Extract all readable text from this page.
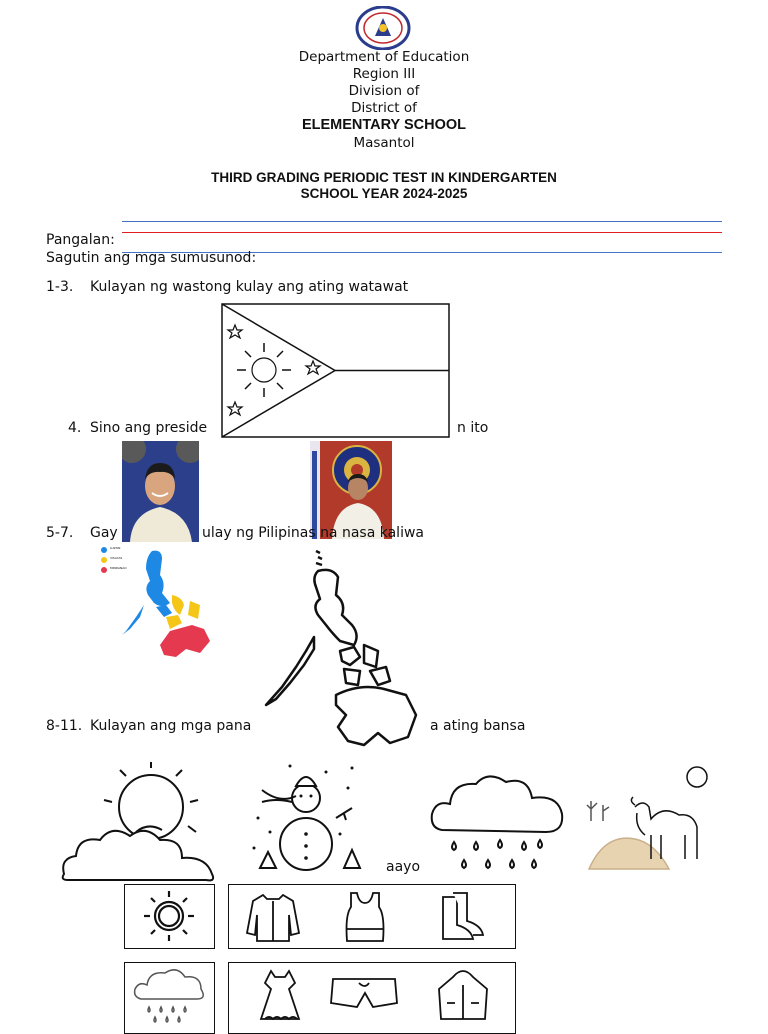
Department of Education
Region III
Division of
District of
ELEMENTARY SCHOOL
Masantol
THIRD GRADING PERIODIC TEST IN KINDERGARTEN
SCHOOL YEAR 2024-2025
Pangalan:
Sagutin ang mga sumusunod:
1-3. Kulayan ng wastong kulay ang ating watawat
4. Sino ang preside	n ito
5-7. Gay	ulay ng Pilipinas na nasa kaliwa
LUZON
VISAYAS
MINDANAO
8-11. Kulayan ang mga pana	a ating bansa
aayo
